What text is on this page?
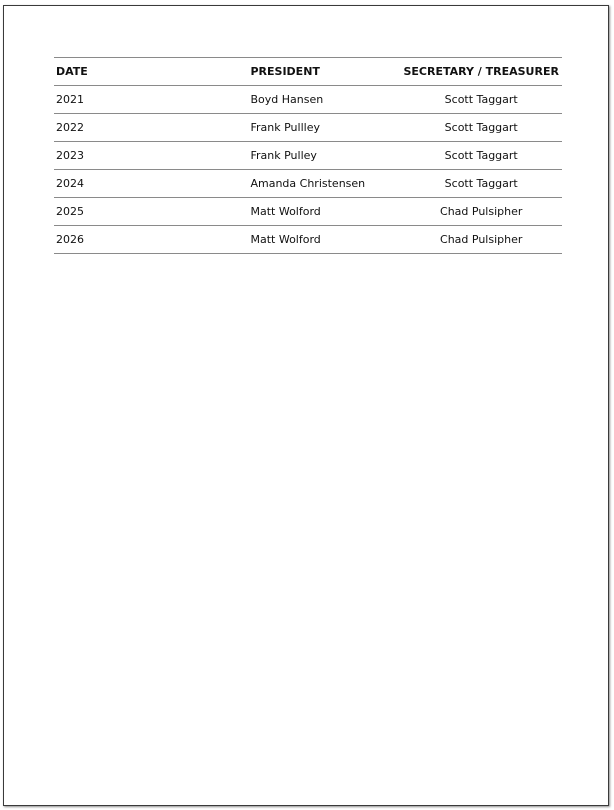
DATE	PRESIDENT	SECRETARY / TREASURER
2021	Boyd Hansen	Scott Taggart
2022	Frank Pullley	Scott Taggart
2023	Frank Pulley	Scott Taggart
2024	Amanda Christensen	Scott Taggart
2025	Matt Wolford	Chad Pulsipher
2026	Matt Wolford	Chad Pulsipher
